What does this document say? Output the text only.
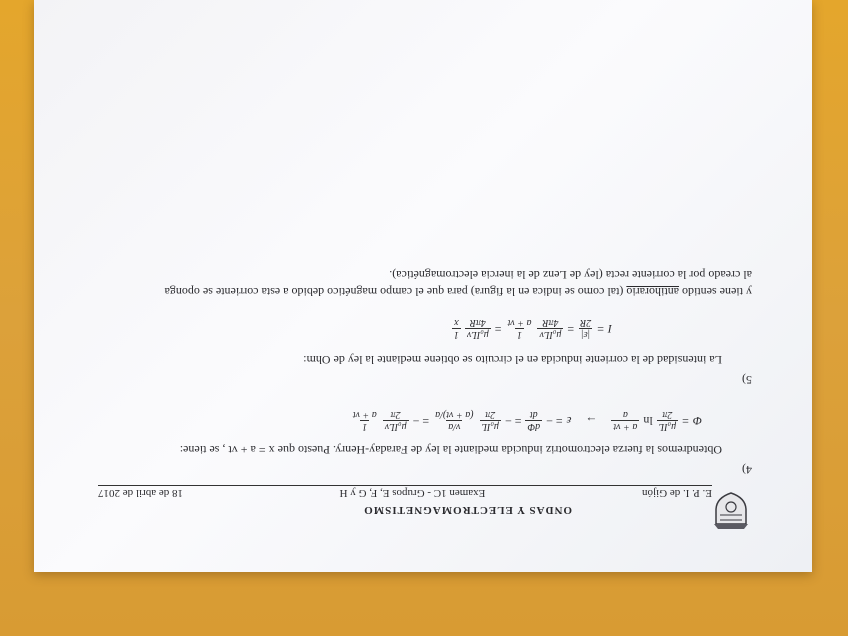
ONDAS Y ELECTROMAGNETISMO
E. P. I. de Gijón
Examen 1C - Grupos E, F, G y H
18 de abril de 2017
4)
Obtendremos la fuerza electromotriz inducida mediante la ley de Faraday-Henry. Puesto que x = a + vt , se tiene:
Φ
=
μ₀IL
2π
ln
a + vt
a
→
ε
= −
dΦ
dt
= −
μ₀IL
2π
v/a
(a + vt)/a
= −
μ₀ILv
2π
1
a + vt
5)
La intensidad de la corriente inducida en el circuito se obtiene mediante la ley de Ohm:
I
=
|ε|
2R
=
μ₀ILv
4πR
1
a + vt
=
μ₀ILv
4πR
1
x
y tiene sentido antihorario (tal como se indica en la figura) para que el campo magnético debido a esta corriente se oponga
al creado por la corriente recta (ley de Lenz de la inercia electromagnética).
